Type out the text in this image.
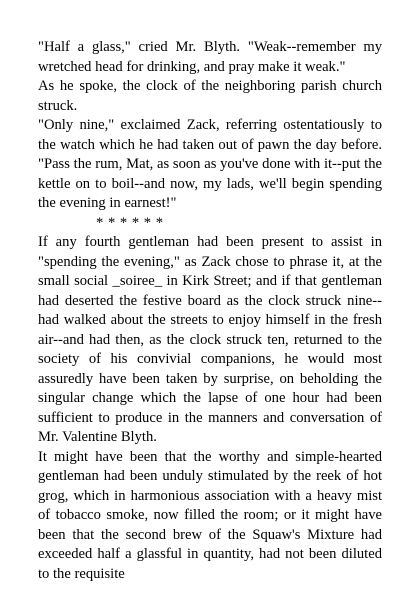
"Half a glass," cried Mr. Blyth. "Weak--remember my wretched head for drinking, and pray make it weak."

As he spoke, the clock of the neighboring parish church struck.

"Only nine," exclaimed Zack, referring ostentatiously to the watch which he had taken out of pawn the day before. "Pass the rum, Mat, as soon as you've done with it--put the kettle on to boil--and now, my lads, we'll begin spending the evening in earnest!"

* * * * * *

If any fourth gentleman had been present to assist in "spending the evening," as Zack chose to phrase it, at the small social _soiree_ in Kirk Street; and if that gentleman had deserted the festive board as the clock struck nine--had walked about the streets to enjoy himself in the fresh air--and had then, as the clock struck ten, returned to the society of his convivial companions, he would most assuredly have been taken by surprise, on beholding the singular change which the lapse of one hour had been sufficient to produce in the manners and conversation of Mr. Valentine Blyth.

It might have been that the worthy and simple-hearted gentleman had been unduly stimulated by the reek of hot grog, which in harmonious association with a heavy mist of tobacco smoke, now filled the room; or it might have been that the second brew of the Squaw's Mixture had exceeded half a glassful in quantity, had not been diluted to the requisite
